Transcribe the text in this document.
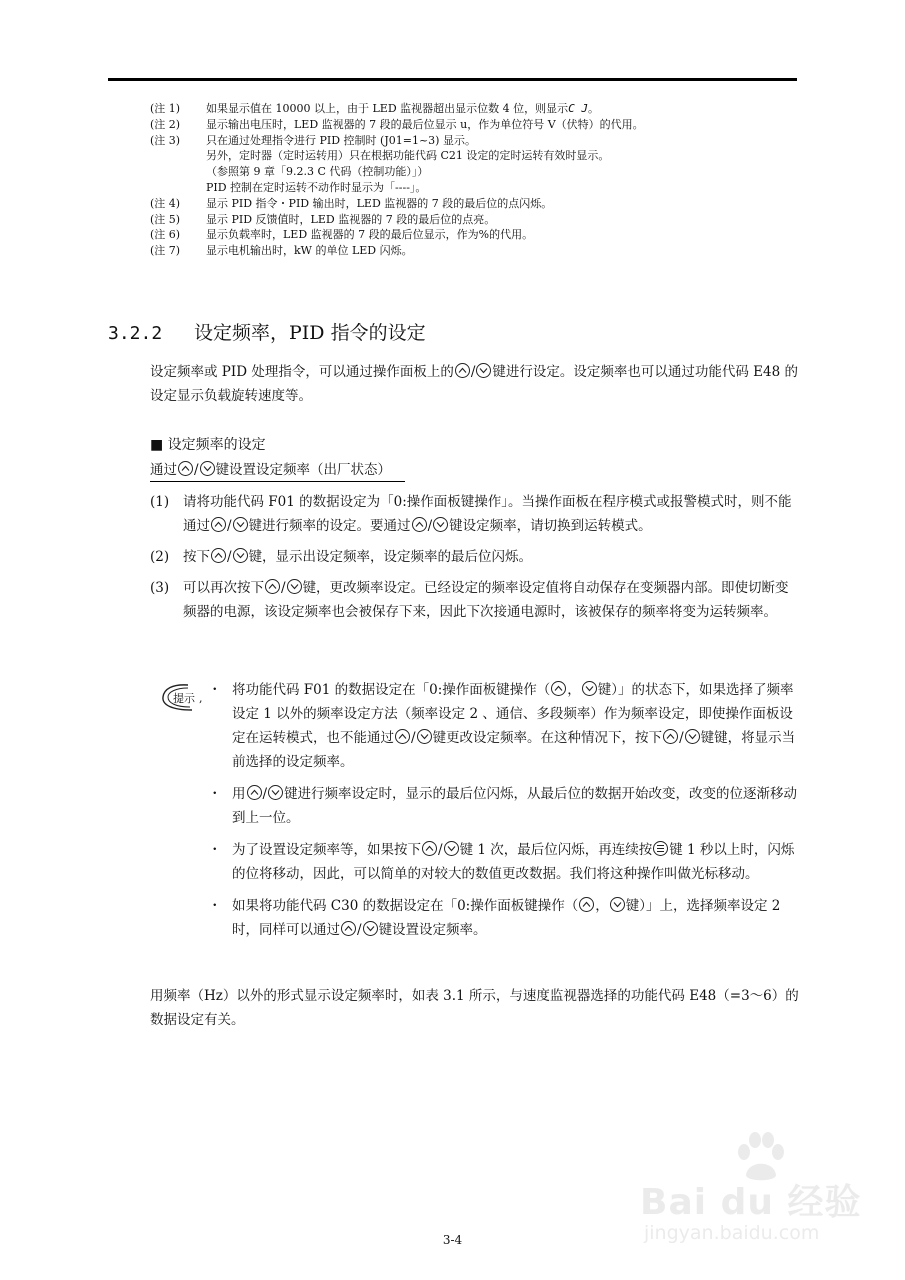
(注 1)	如果显示值在 10000 以上，由于 LED 监视器超出显示位数 4 位，则显示C J。
(注 2)	显示输出电压时，LED 监视器的 7 段的最后位显示 u，作为单位符号 V（伏特）的代用。
(注 3)	只在通过处理指令进行 PID 控制时 (J01=1~3) 显示。
另外，定时器（定时运转用）只在根据功能代码 C21 设定的定时运转有效时显示。
（参照第 9 章「9.2.3 C 代码（控制功能）」）
PID 控制在定时运转不动作时显示为「----」。
(注 4)	显示 PID 指令・PID 输出时，LED 监视器的 7 段的最后位的点闪烁。
(注 5)	显示 PID 反馈值时，LED 监视器的 7 段的最后位的点亮。
(注 6)	显示负载率时，LED 监视器的 7 段的最后位显示，作为%的代用。
(注 7)	显示电机输出时，kW 的单位 LED 闪烁。
3.2.2 设定频率，PID 指令的设定
设定频率或 PID 处理指令，可以通过操作面板上的 / 键进行设定。设定频率也可以通过功能代码 E48 的设定显示负载旋转速度等。
■ 设定频率的设定
通过 / 键设置设定频率（出厂状态）
(1)	请将功能代码 F01 的数据设定为「0:操作面板键操作」。当操作面板在程序模式或报警模式时，则不能通过 / 键进行频率的设定。要通过 / 键设定频率，请切换到运转模式。
(2)	按下 / 键，显示出设定频率，设定频率的最后位闪烁。
(3)	可以再次按下 / 键，更改频率设定。已经设定的频率设定值将自动保存在变频器内部。即使切断变频器的电源，该设定频率也会被保存下来，因此下次接通电源时，该被保存的频率将变为运转频率。
提示 ,
・ 将功能代码 F01 的数据设定在「0:操作面板键操作（ ， 键）」的状态下，如果选择了频率设定 1 以外的频率设定方法（频率设定 2 、通信、多段频率）作为频率设定，即使操作面板设定在运转模式，也不能通过 / 键更改设定频率。在这种情况下，按下 / 键键，将显示当前选择的设定频率。
・ 用 / 键进行频率设定时，显示的最后位闪烁，从最后位的数据开始改变，改变的位逐渐移动到上一位。
・ 为了设置设定频率等，如果按下 / 键 1 次，最后位闪烁，再连续按 键 1 秒以上时，闪烁的位将移动，因此，可以简单的对较大的数值更改数据。我们将这种操作叫做光标移动。
・ 如果将功能代码 C30 的数据设定在「0:操作面板键操作（ ， 键）」上，选择频率设定 2 时，同样可以通过 / 键设置设定频率。
用频率（Hz）以外的形式显示设定频率时，如表 3.1 所示，与速度监视器选择的功能代码 E48（=3～6）的数据设定有关。
Bai du 经验
jingyan.baidu.com
3-4
